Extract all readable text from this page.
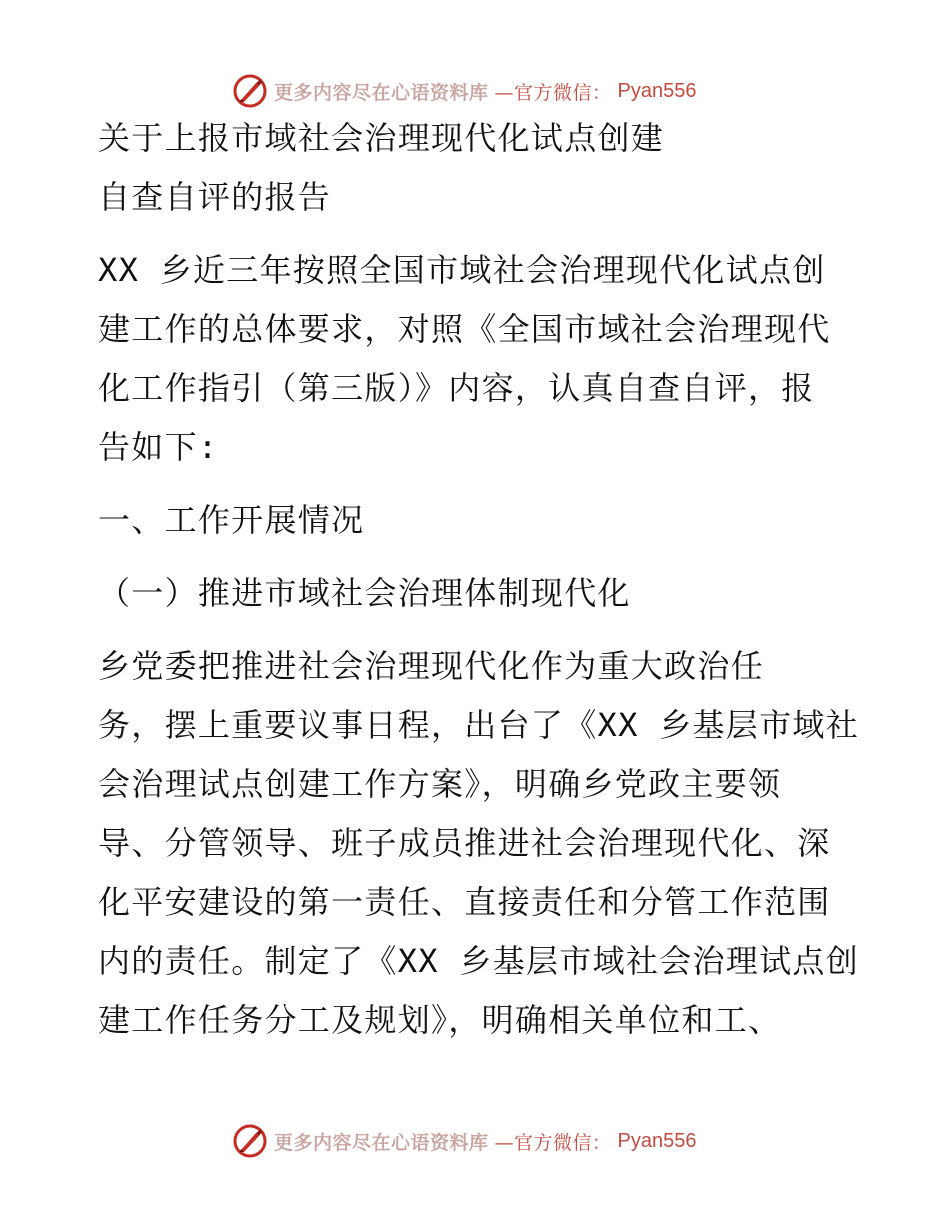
更多内容尽在心语资料库 —官方微信： Pyan556
关于上报市域社会治理现代化试点创建
自查自评的报告
XX 乡近三年按照全国市域社会治理现代化试点创
建工作的总体要求，对照《全国市域社会治理现代
化工作指引（第三版）》内容，认真自查自评，报
告如下:
一、工作开展情况
（一）推进市域社会治理体制现代化
乡党委把推进社会治理现代化作为重大政治任
务，摆上重要议事日程，出台了《XX 乡基层市域社
会治理试点创建工作方案》，明确乡党政主要领
导、分管领导、班子成员推进社会治理现代化、深
化平安建设的第一责任、直接责任和分管工作范围
内的责任。制定了《XX 乡基层市域社会治理试点创
建工作任务分工及规划》，明确相关单位和工、
更多内容尽在心语资料库 —官方微信： Pyan556
